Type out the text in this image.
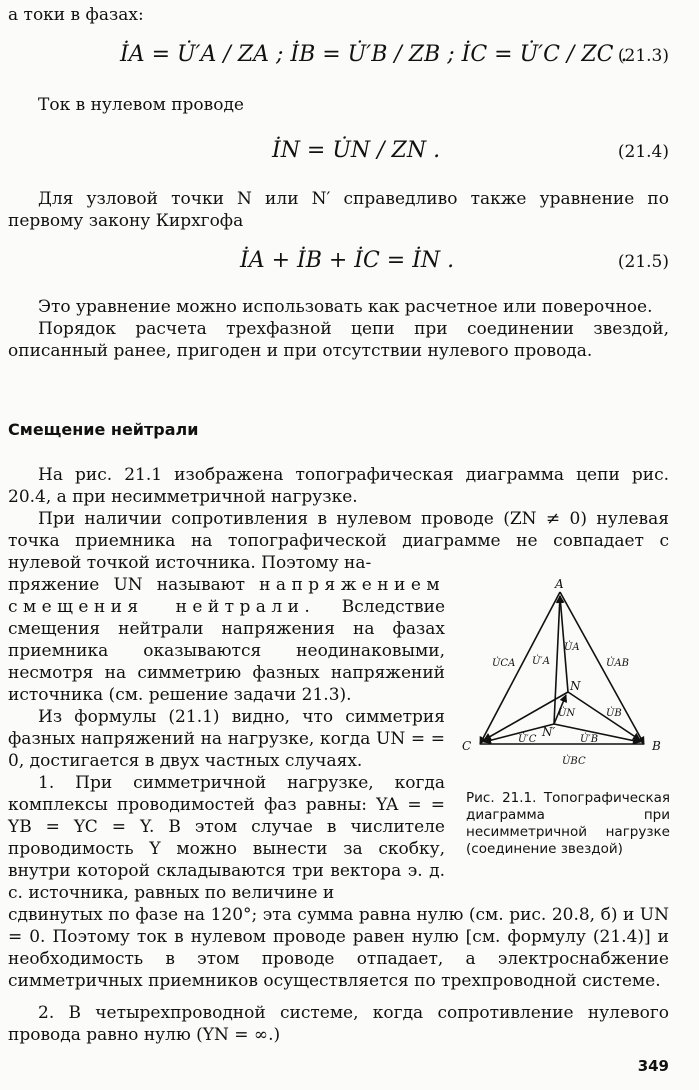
а токи в фазах:
İA = U̇′A / ZA ; İB = U̇′B / ZB ; İC = U̇′C / ZC .
(21.3)
Ток в нулевом проводе
İN = U̇N / ZN .	(21.4)
Для узловой точки N или N′ справедливо также уравнение по первому закону Кирхгофа
İA + İB + İC = İN .	(21.5)
Это уравнение можно использовать как расчетное или поверочное.
Порядок расчета трехфазной цепи при соединении звездой, описанный ранее, пригоден и при отсутствии нулевого провода.
Смещение нейтрали
На рис. 21.1 изображена топографическая диаграмма цепи рис. 20.4, а при несимметричной нагрузке.
При наличии сопротивления в нулевом проводе (ZN ≠ 0) нулевая точка приемника на топографической диаграмме не совпадает с нулевой точкой источника. Поэтому на-
пряжение UN называют напряжением смещения нейтрали. Вследствие смещения нейтрали напряжения на фазах приемника оказываются неодинаковыми, несмотря на симметрию фазных напряжений источника (см. решение задачи 21.3).
Из формулы (21.1) видно, что симметрия фазных напряжений на нагрузке, когда UN = = 0, достигается в двух частных случаях.
1. При симметричной нагрузке, когда комплексы проводимостей фаз равны: YA = = YB = YC = Y. В этом случае в числителе проводимость Y можно вынести за скобку, внутри которой складываются три вектора э. д. с. источника, равных по величине и
сдвинутых по фазе на 120°; эта сумма равна нулю (см. рис. 20.8, б) и UN = 0. Поэтому ток в нулевом проводе равен нулю [см. формулу (21.4)] и необходимость в этом проводе отпадает, а электроснабжение симметричных приемников осуществляется по трехпроводной системе.
2. В четырехпроводной системе, когда сопротивление нулевого провода равно нулю (YN = ∞.)
A
C	B
N
N′
U̇A
U̇′A
U̇CA	U̇AB
U̇N	U̇B
U̇′C	U̇′B
U̇BC
Рис. 21.1. Топографическая диаграмма при несимметричной нагрузке (соединение звездой)
349
